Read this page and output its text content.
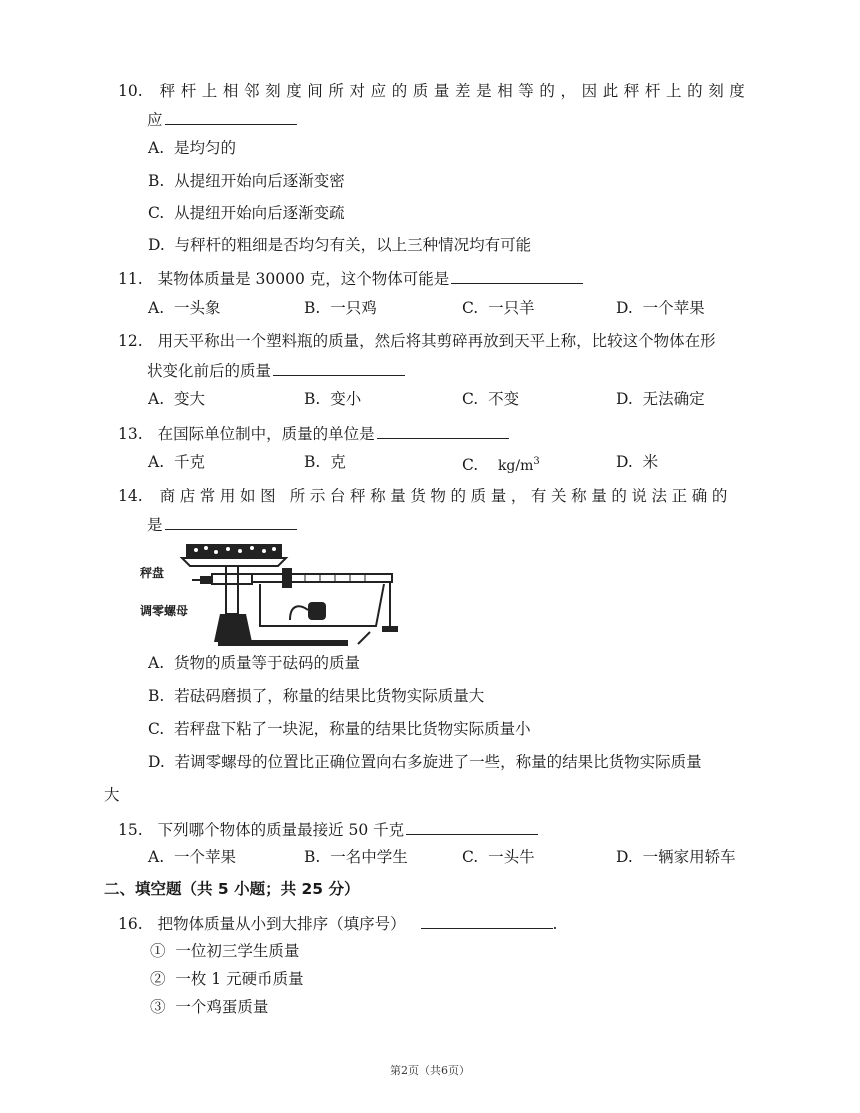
10. 秤杆上相邻刻度间所对应的质量差是相等的，因此秤杆上的刻度
应
A. 是均匀的
B. 从提纽开始向后逐渐变密
C. 从提纽开始向后逐渐变疏
D. 与秤杆的粗细是否均匀有关，以上三种情况均有可能
11. 某物体质量是 30000 克，这个物体可能是
A. 一头象	B. 一只鸡	C. 一只羊	D. 一个苹果
12. 用天平称出一个塑料瓶的质量，然后将其剪碎再放到天平上称，比较这个物体在形
状变化前后的质量
A. 变大	B. 变小	C. 不变	D. 无法确定
13. 在国际单位制中，质量的单位是
A. 千克	B. 克	C. $kg/m^3$	D. 米
14. 商店常用如图 所示台秤称量货物的质量，有关称量的说法正确的
是
秤盘
调零螺母
A. 货物的质量等于砝码的质量
B. 若砝码磨损了，称量的结果比货物实际质量大
C. 若秤盘下粘了一块泥，称量的结果比货物实际质量小
D. 若调零螺母的位置比正确位置向右多旋进了一些，称量的结果比货物实际质量
大
15. 下列哪个物体的质量最接近 50 千克
A. 一个苹果	B. 一名中学生	C. 一头牛	D. 一辆家用轿车
二、填空题（共 5 小题；共 25 分）
16. 把物体质量从小到大排序（填序号）	.
① 一位初三学生质量
② 一枚 1 元硬币质量
③ 一个鸡蛋质量
第2页（共6页）
